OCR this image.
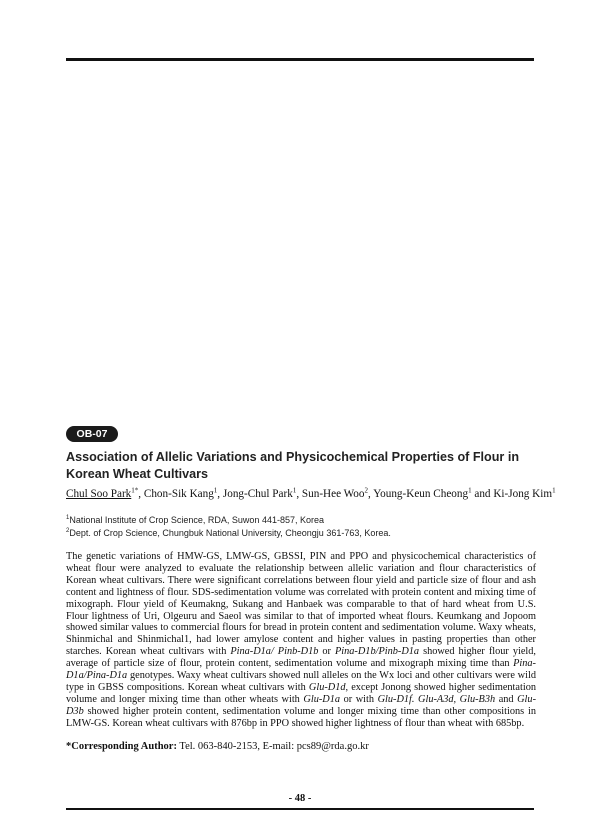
OB-07
Association of Allelic Variations and Physicochemical Properties of Flour in Korean Wheat Cultivars
Chul Soo Park$^{1*}$, Chon-Sik Kang$^1$, Jong-Chul Park$^1$, Sun-Hee Woo$^2$, Young-Keun Cheong$^1$ and Ki-Jong Kim$^1$
$^1$National Institute of Crop Science, RDA, Suwon 441-857, Korea
$^2$Dept. of Crop Science, Chungbuk National University, Cheongju 361-763, Korea.

The genetic variations of HMW-GS, LMW-GS, GBSSI, PIN and PPO and physicochemical characteristics of wheat flour were analyzed to evaluate the relationship between allelic variation and flour characteristics of Korean wheat cultivars. There were significant correlations between flour yield and particle size of flour and ash content and lightness of flour. SDS-sedimentation volume was correlated with protein content and mixing time of mixograph. Flour yield of Keumakng, Sukang and Hanbaek was comparable to that of hard wheat from U.S. Flour lightness of Uri, Olgeuru and Saeol was similar to that of imported wheat flours. Keumkang and Jopoom showed similar values to commercial flours for bread in protein content and sedimentation volume. Waxy wheats, Shinmichal and Shinmichal1, had lower amylose content and higher values in pasting properties than other starches. Korean wheat cultivars with Pina-D1a/ Pinb-D1b or Pina-D1b/Pinb-D1a showed higher flour yield, average of particle size of flour, protein content, sedimentation volume and mixograph mixing time than Pina-D1a/Pina-D1a genotypes. Waxy wheat cultivars showed null alleles on the Wx loci and other cultivars were wild type in GBSS compositions. Korean wheat cultivars with Glu-D1d, except Jonong showed higher sedimentation volume and longer mixing time than other wheats with Glu-D1a or with Glu-D1f. Glu-A3d, Glu-B3h and Glu-D3b showed higher protein content, sedimentation volume and longer mixing time than other compositions in LMW-GS. Korean wheat cultivars with 876bp in PPO showed higher lightness of flour than wheat with 685bp.

*Corresponding Author: Tel. 063-840-2153, E-mail: pcs89@rda.go.kr
- 48 -
